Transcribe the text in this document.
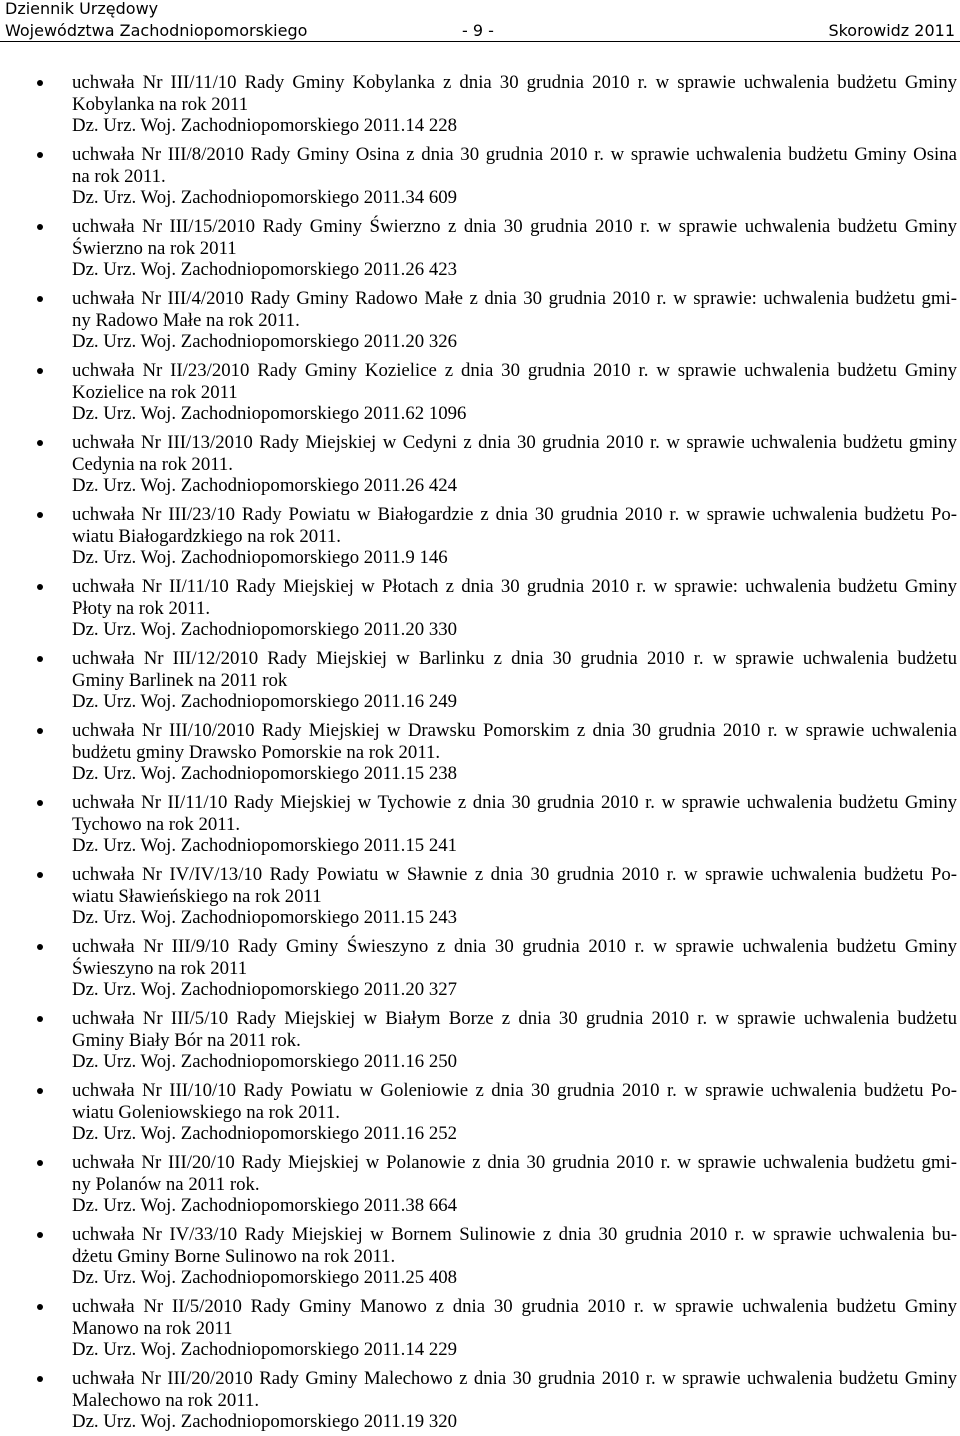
Dziennik Urzędowy
Województwa Zachodniopomorskiego	- 9 -	Skorowidz 2011
uchwała Nr III/11/10 Rady Gminy Kobylanka z dnia 30 grudnia 2010 r. w sprawie uchwalenia budżetu Gminy
Kobylanka na rok 2011
Dz. Urz. Woj. Zachodniopomorskiego 2011.14 228
uchwała Nr III/8/2010 Rady Gminy Osina z dnia 30 grudnia 2010 r. w sprawie uchwalenia budżetu Gminy Osina
na rok 2011.
Dz. Urz. Woj. Zachodniopomorskiego 2011.34 609
uchwała Nr III/15/2010 Rady Gminy Świerzno z dnia 30 grudnia 2010 r. w sprawie uchwalenia budżetu Gminy
Świerzno na rok 2011
Dz. Urz. Woj. Zachodniopomorskiego 2011.26 423
uchwała Nr III/4/2010 Rady Gminy Radowo Małe z dnia 30 grudnia 2010 r. w sprawie: uchwalenia budżetu gmi-
ny Radowo Małe na rok 2011.
Dz. Urz. Woj. Zachodniopomorskiego 2011.20 326
uchwała Nr II/23/2010 Rady Gminy Kozielice z dnia 30 grudnia 2010 r. w sprawie uchwalenia budżetu Gminy
Kozielice na rok 2011
Dz. Urz. Woj. Zachodniopomorskiego 2011.62 1096
uchwała Nr III/13/2010 Rady Miejskiej w Cedyni z dnia 30 grudnia 2010 r. w sprawie uchwalenia budżetu gminy
Cedynia na rok 2011.
Dz. Urz. Woj. Zachodniopomorskiego 2011.26 424
uchwała Nr III/23/10 Rady Powiatu w Białogardzie z dnia 30 grudnia 2010 r. w sprawie uchwalenia budżetu Po-
wiatu Białogardzkiego na rok 2011.
Dz. Urz. Woj. Zachodniopomorskiego 2011.9 146
uchwała Nr II/11/10 Rady Miejskiej w Płotach z dnia 30 grudnia 2010 r. w sprawie: uchwalenia budżetu Gminy
Płoty na rok 2011.
Dz. Urz. Woj. Zachodniopomorskiego 2011.20 330
uchwała Nr III/12/2010 Rady Miejskiej w Barlinku z dnia 30 grudnia 2010 r. w sprawie uchwalenia budżetu
Gminy Barlinek na 2011 rok
Dz. Urz. Woj. Zachodniopomorskiego 2011.16 249
uchwała Nr III/10/2010 Rady Miejskiej w Drawsku Pomorskim z dnia 30 grudnia 2010 r. w sprawie uchwalenia
budżetu gminy Drawsko Pomorskie na rok 2011.
Dz. Urz. Woj. Zachodniopomorskiego 2011.15 238
uchwała Nr II/11/10 Rady Miejskiej w Tychowie z dnia 30 grudnia 2010 r. w sprawie uchwalenia budżetu Gminy
Tychowo na rok 2011.
Dz. Urz. Woj. Zachodniopomorskiego 2011.15 241
uchwała Nr IV/IV/13/10 Rady Powiatu w Sławnie z dnia 30 grudnia 2010 r. w sprawie uchwalenia budżetu Po-
wiatu Sławieńskiego na rok 2011
Dz. Urz. Woj. Zachodniopomorskiego 2011.15 243
uchwała Nr III/9/10 Rady Gminy Świeszyno z dnia 30 grudnia 2010 r. w sprawie uchwalenia budżetu Gminy
Świeszyno na rok 2011
Dz. Urz. Woj. Zachodniopomorskiego 2011.20 327
uchwała Nr III/5/10 Rady Miejskiej w Białym Borze z dnia 30 grudnia 2010 r. w sprawie uchwalenia budżetu
Gminy Biały Bór na 2011 rok.
Dz. Urz. Woj. Zachodniopomorskiego 2011.16 250
uchwała Nr III/10/10 Rady Powiatu w Goleniowie z dnia 30 grudnia 2010 r. w sprawie uchwalenia budżetu Po-
wiatu Goleniowskiego na rok 2011.
Dz. Urz. Woj. Zachodniopomorskiego 2011.16 252
uchwała Nr III/20/10 Rady Miejskiej w Polanowie z dnia 30 grudnia 2010 r. w sprawie uchwalenia budżetu gmi-
ny Polanów na 2011 rok.
Dz. Urz. Woj. Zachodniopomorskiego 2011.38 664
uchwała Nr IV/33/10 Rady Miejskiej w Bornem Sulinowie z dnia 30 grudnia 2010 r. w sprawie uchwalenia bu-
dżetu Gminy Borne Sulinowo na rok 2011.
Dz. Urz. Woj. Zachodniopomorskiego 2011.25 408
uchwała Nr II/5/2010 Rady Gminy Manowo z dnia 30 grudnia 2010 r. w sprawie uchwalenia budżetu Gminy
Manowo na rok 2011
Dz. Urz. Woj. Zachodniopomorskiego 2011.14 229
uchwała Nr III/20/2010 Rady Gminy Malechowo z dnia 30 grudnia 2010 r. w sprawie uchwalenia budżetu Gminy
Malechowo na rok 2011.
Dz. Urz. Woj. Zachodniopomorskiego 2011.19 320
